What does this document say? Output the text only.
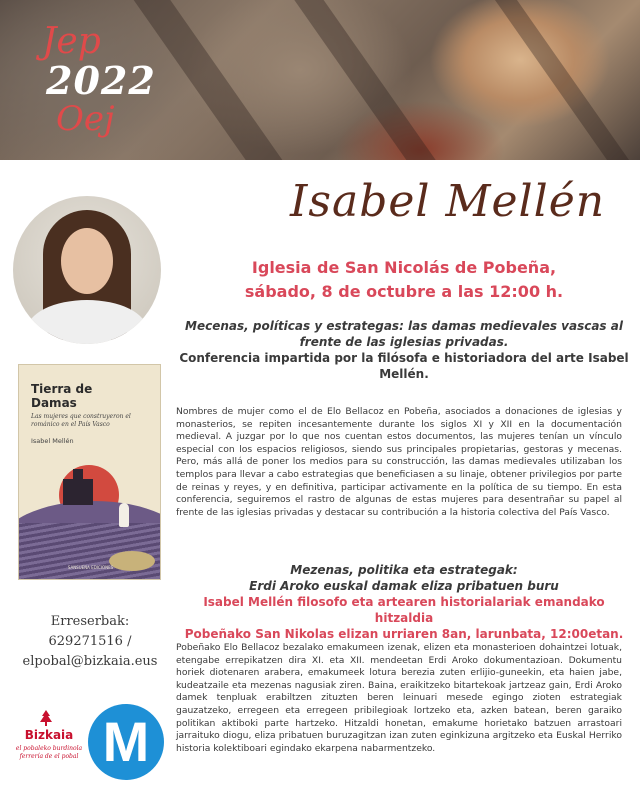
Jep
2022
Oej
Tierra de
Damas
Las mujeres que construyeron el románico en el País Vasco
Isabel Mellén
SANSUEÑA EDICIONES
Erreserbak:
629271516 /
elpobal@bizkaia.eus
Bizkaia
el pobaleko burdinola
ferrería de el pobal M
Isabel Mellén
Iglesia de San Nicolás de Pobeña,
sábado, 8 de octubre a las 12:00 h.
Mecenas, políticas y estrategas: las damas medievales vascas al frente de las iglesias privadas.
Conferencia impartida por la filósofa e historiadora del arte Isabel Mellén.
Nombres de mujer como el de Elo Bellacoz en Pobeña, asociados a donaciones de iglesias y monasterios, se repiten incesantemente durante los siglos XI y XII en la documentación medieval. A juzgar por lo que nos cuentan estos documentos, las mujeres tenían un vínculo especial con los espacios religiosos, siendo sus principales propietarias, gestoras y mecenas. Pero, más allá de poner los medios para su construcción, las damas medievales utilizaban los templos para llevar a cabo estrategias que beneficiasen a su linaje, obtener privilegios por parte de reinas y reyes, y en definitiva, participar activamente en la política de su tiempo. En esta conferencia, seguiremos el rastro de algunas de estas mujeres para desentrañar su papel al frente de las iglesias privadas y destacar su contribución a la historia colectiva del País Vasco.
Mezenas, politika eta estrategak:
Erdi Aroko euskal damak eliza pribatuen buru
Isabel Mellén filosofo eta artearen historialariak emandako hitzaldia
Pobeñako San Nikolas elizan urriaren 8an, larunbata, 12:00etan.
Pobeñako Elo Bellacoz bezalako emakumeen izenak, elizen eta monasterioen dohaintzei lotuak, etengabe errepikatzen dira XI. eta XII. mendeetan Erdi Aroko dokumentazioan. Dokumentu horiek diotenaren arabera, emakumeek lotura berezia zuten erlijio-guneekin, eta haien jabe, kudeatzaile eta mezenas nagusiak ziren. Baina, eraikitzeko bitartekoak jartzeaz gain, Erdi Aroko damek tenpluak erabiltzen zituzten beren leinuari mesede egingo zioten estrategiak gauzatzeko, erregeen eta erregeen pribilegioak lortzeko eta, azken batean, beren garaiko politikan aktiboki parte hartzeko. Hitzaldi honetan, emakume horietako batzuen arrastoari jarraituko diogu, eliza pribatuen buruzagitzan izan zuten eginkizuna argitzeko eta Euskal Herriko historia kolektiboari egindako ekarpena nabarmentzeko.
